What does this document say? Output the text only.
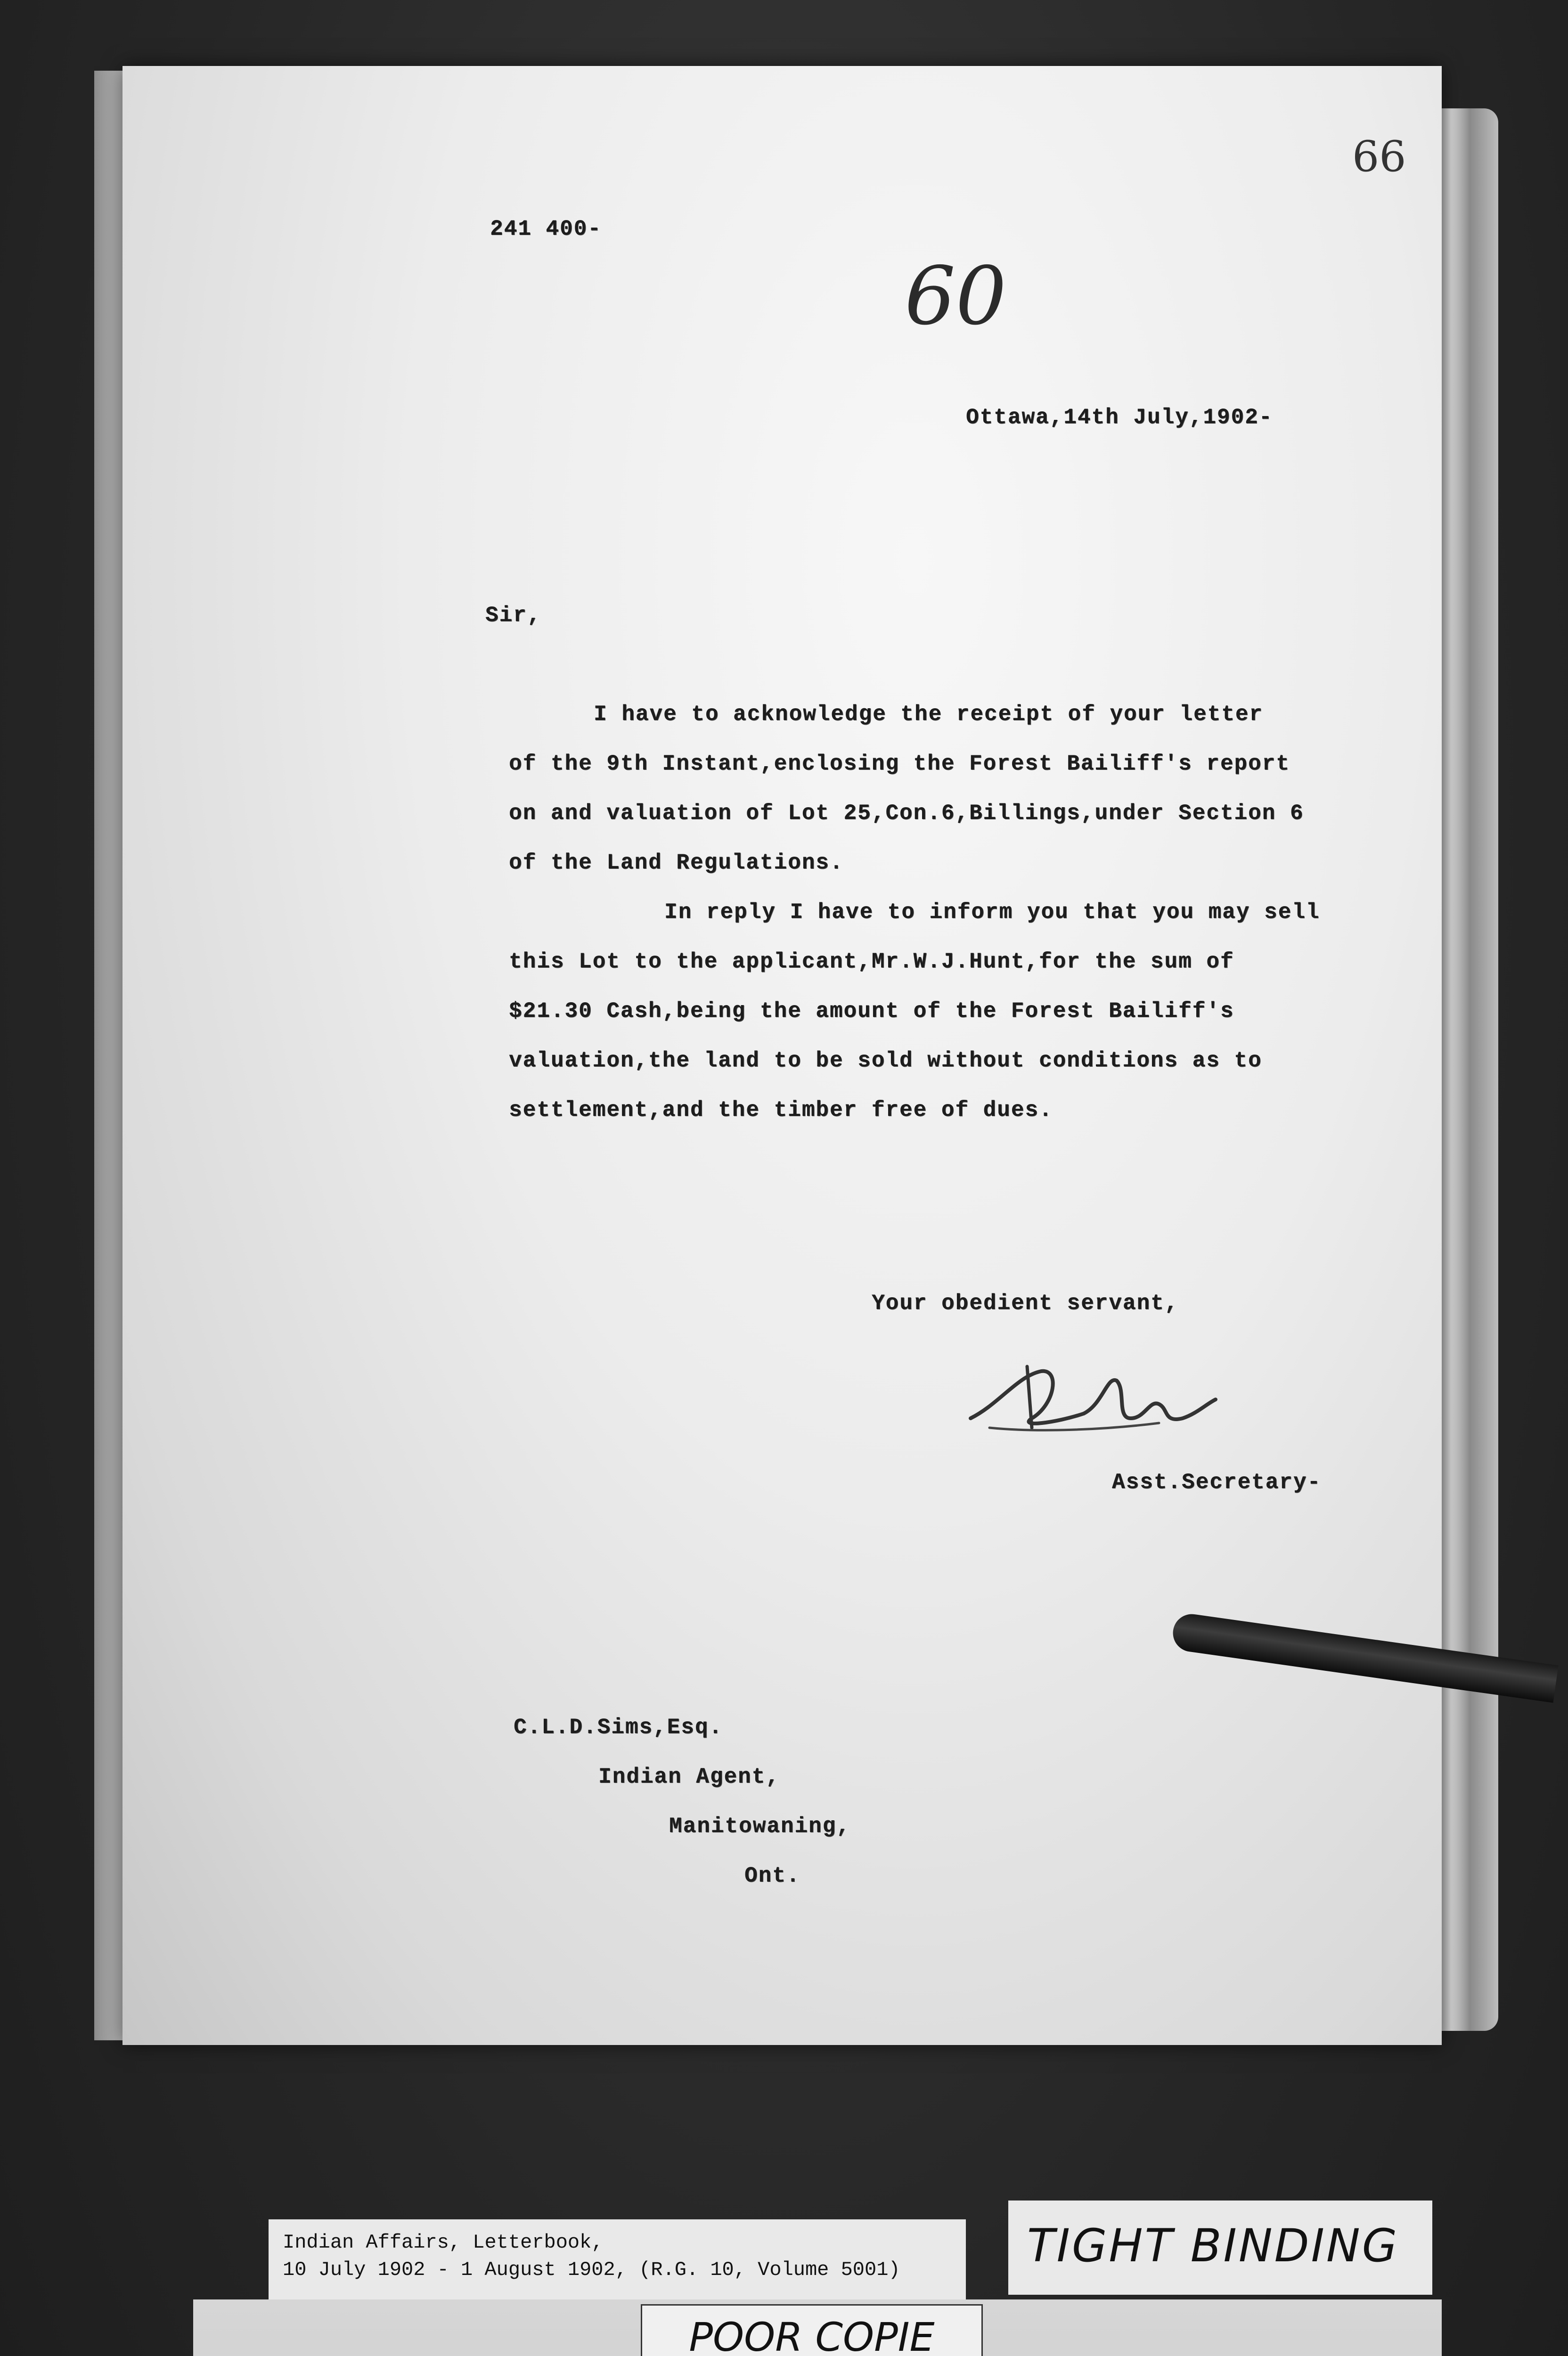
66
60
241 400-
Ottawa,14th July,1902-
Sir,
I have to acknowledge the receipt of your letter
of the 9th Instant,enclosing the Forest Bailiff's report
on and valuation of Lot 25,Con.6,Billings,under Section 6
of the Land Regulations.
In reply I have to inform you that you may sell
this Lot to the applicant,Mr.W.J.Hunt,for the sum of
$21.30 Cash,being the amount of the Forest Bailiff's
valuation,the land to be sold without conditions as to
settlement,and the timber free of dues.
Your obedient servant,
Asst.Secretary-
C.L.D.Sims,Esq.
Indian Agent,
Manitowaning,
Ont.
Indian Affairs, Letterbook,
10 July 1902 - 1 August 1902, (R.G. 10, Volume 5001)	TIGHT BINDING
POOR COPIE
